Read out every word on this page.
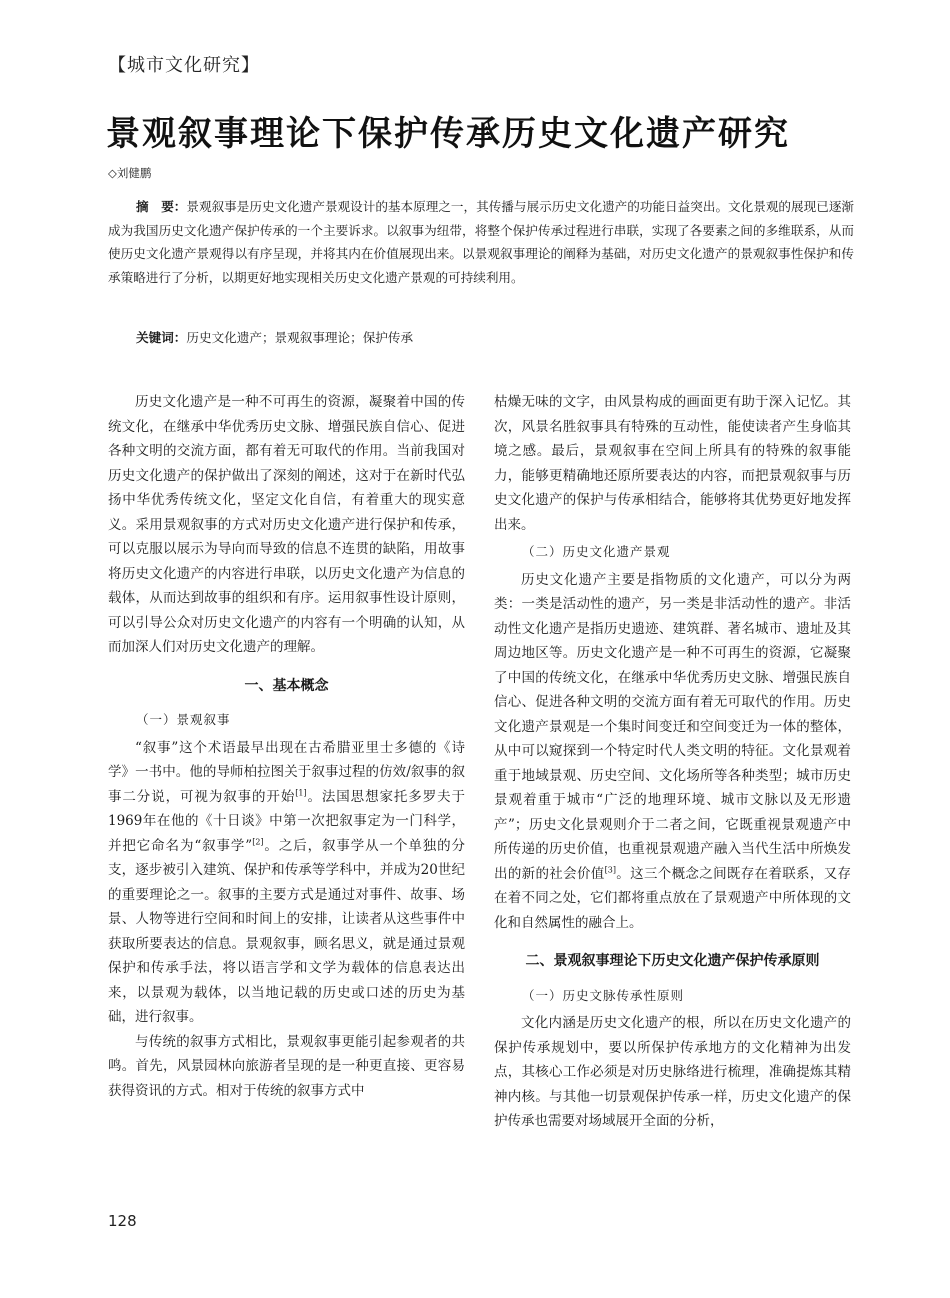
【城市文化研究】
景观叙事理论下保护传承历史文化遗产研究
◇刘健鹏
摘　要：景观叙事是历史文化遗产景观设计的基本原理之一，其传播与展示历史文化遗产的功能日益突出。文化景观的展现已逐渐成为我国历史文化遗产保护传承的一个主要诉求。以叙事为纽带，将整个保护传承过程进行串联，实现了各要素之间的多维联系，从而使历史文化遗产景观得以有序呈现，并将其内在价值展现出来。以景观叙事理论的阐释为基础，对历史文化遗产的景观叙事性保护和传承策略进行了分析，以期更好地实现相关历史文化遗产景观的可持续利用。
关键词：历史文化遗产；景观叙事理论；保护传承

历史文化遗产是一种不可再生的资源，凝聚着中国的传统文化，在继承中华优秀历史文脉、增强民族自信心、促进各种文明的交流方面，都有着无可取代的作用。当前我国对历史文化遗产的保护做出了深刻的阐述，这对于在新时代弘扬中华优秀传统文化，坚定文化自信，有着重大的现实意义。采用景观叙事的方式对历史文化遗产进行保护和传承，可以克服以展示为导向而导致的信息不连贯的缺陷，用故事将历史文化遗产的内容进行串联，以历史文化遗产为信息的载体，从而达到故事的组织和有序。运用叙事性设计原则，可以引导公众对历史文化遗产的内容有一个明确的认知，从而加深人们对历史文化遗产的理解。

一、基本概念
（一）景观叙事

“叙事”这个术语最早出现在古希腊亚里士多德的《诗学》一书中。他的导师柏拉图关于叙事过程的仿效/叙事的叙事二分说，可视为叙事的开始[1]。法国思想家托多罗夫于1969年在他的《十日谈》中第一次把叙事定为一门科学，并把它命名为“叙事学”[2]。之后，叙事学从一个单独的分支，逐步被引入建筑、保护和传承等学科中，并成为20世纪的重要理论之一。叙事的主要方式是通过对事件、故事、场景、人物等进行空间和时间上的安排，让读者从这些事件中获取所要表达的信息。景观叙事，顾名思义，就是通过景观保护和传承手法，将以语言学和文学为载体的信息表达出来，以景观为载体，以当地记载的历史或口述的历史为基础，进行叙事。

与传统的叙事方式相比，景观叙事更能引起参观者的共鸣。首先，风景园林向旅游者呈现的是一种更直接、更容易获得资讯的方式。相对于传统的叙事方式中

枯燥无味的文字，由风景构成的画面更有助于深入记忆。其次，风景名胜叙事具有特殊的互动性，能使读者产生身临其境之感。最后，景观叙事在空间上所具有的特殊的叙事能力，能够更精确地还原所要表达的内容，而把景观叙事与历史文化遗产的保护与传承相结合，能够将其优势更好地发挥出来。

（二）历史文化遗产景观

历史文化遗产主要是指物质的文化遗产，可以分为两类：一类是活动性的遗产，另一类是非活动性的遗产。非活动性文化遗产是指历史遗迹、建筑群、著名城市、遗址及其周边地区等。历史文化遗产是一种不可再生的资源，它凝聚了中国的传统文化，在继承中华优秀历史文脉、增强民族自信心、促进各种文明的交流方面有着无可取代的作用。历史文化遗产景观是一个集时间变迁和空间变迁为一体的整体，从中可以窥探到一个特定时代人类文明的特征。文化景观着重于地域景观、历史空间、文化场所等各种类型；城市历史景观着重于城市“广泛的地理环境、城市文脉以及无形遗产”；历史文化景观则介于二者之间，它既重视景观遗产中所传递的历史价值，也重视景观遗产融入当代生活中所焕发出的新的社会价值[3]。这三个概念之间既存在着联系，又存在着不同之处，它们都将重点放在了景观遗产中所体现的文化和自然属性的融合上。

二、景观叙事理论下历史文化遗产保护传承原则
（一）历史文脉传承性原则

文化内涵是历史文化遗产的根，所以在历史文化遗产的保护传承规划中，要以所保护传承地方的文化精神为出发点，其核心工作必须是对历史脉络进行梳理，准确提炼其精神内核。与其他一切景观保护传承一样，历史文化遗产的保护传承也需要对场域展开全面的分析，

128
